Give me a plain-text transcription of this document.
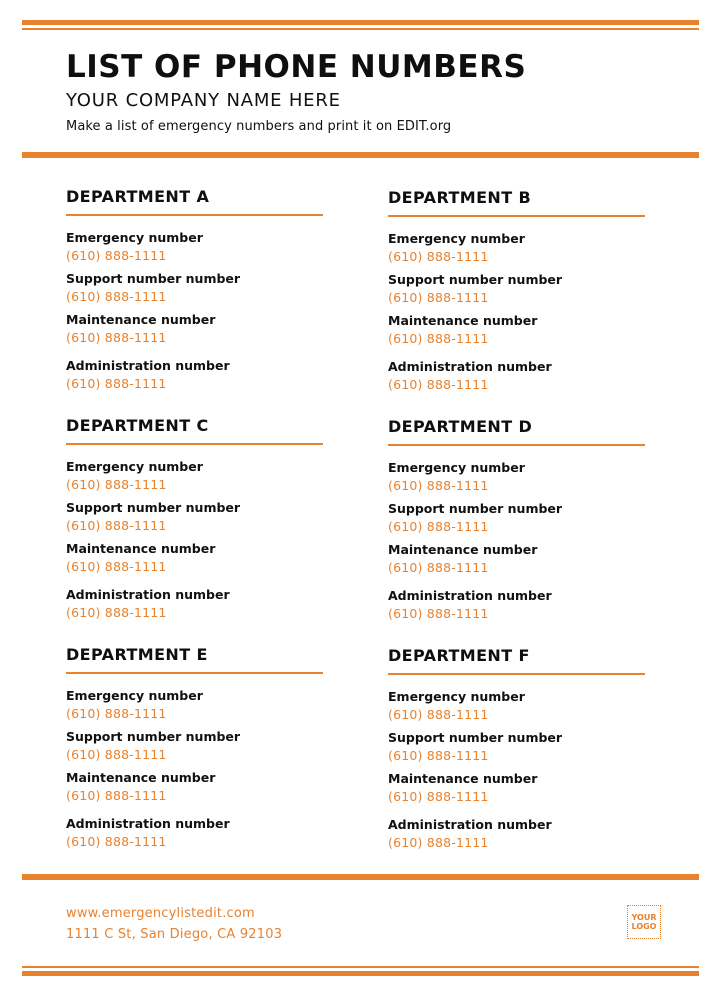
LIST OF PHONE NUMBERS
YOUR COMPANY NAME HERE
Make a list of emergency numbers and print it on EDIT.org
DEPARTMENT A
Emergency number
(610) 888-1111
Support number number
(610) 888-1111
Maintenance number
(610) 888-1111
Administration number
(610) 888-1111
DEPARTMENT B
Emergency number
(610) 888-1111
Support number number
(610) 888-1111
Maintenance number
(610) 888-1111
Administration number
(610) 888-1111
DEPARTMENT C
Emergency number
(610) 888-1111
Support number number
(610) 888-1111
Maintenance number
(610) 888-1111
Administration number
(610) 888-1111
DEPARTMENT D
Emergency number
(610) 888-1111
Support number number
(610) 888-1111
Maintenance number
(610) 888-1111
Administration number
(610) 888-1111
DEPARTMENT E
Emergency number
(610) 888-1111
Support number number
(610) 888-1111
Maintenance number
(610) 888-1111
Administration number
(610) 888-1111
DEPARTMENT F
Emergency number
(610) 888-1111
Support number number
(610) 888-1111
Maintenance number
(610) 888-1111
Administration number
(610) 888-1111
www.emergencylistedit.com
1111 C St, San Diego, CA 92103
YOUR
LOGO
